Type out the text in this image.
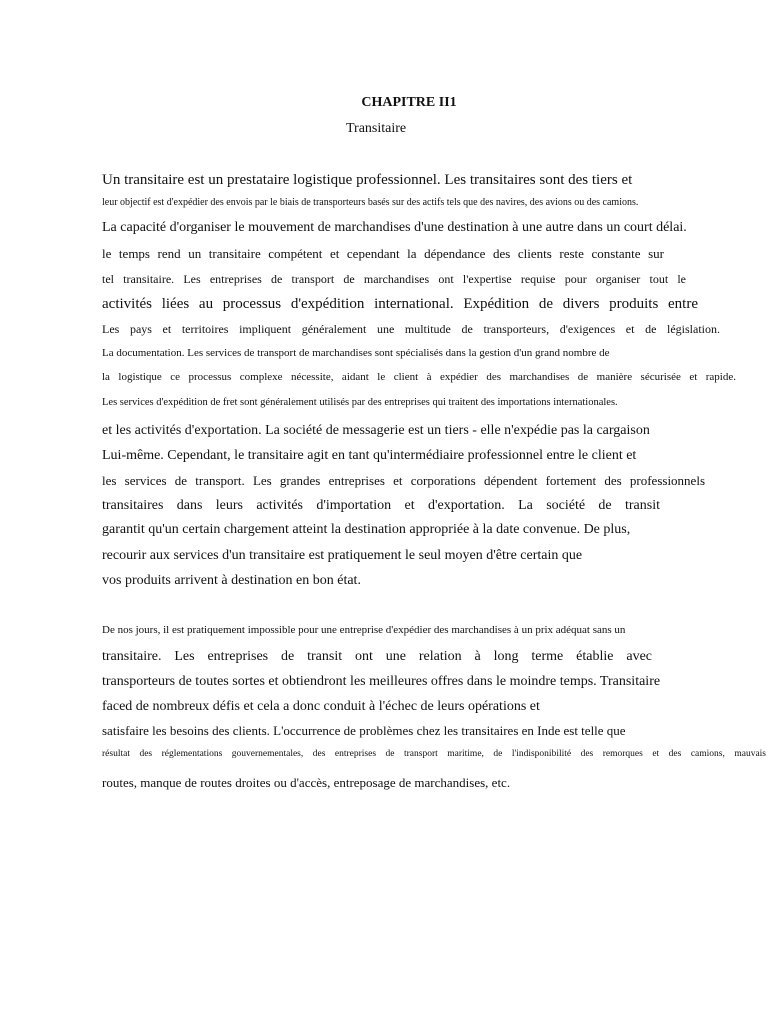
CHAPITRE II1
Transitaire
Un transitaire est un prestataire logistique professionnel. Les transitaires sont des tiers et
leur objectif est d'expédier des envois par le biais de transporteurs basés sur des actifs tels que des navires, des avions ou des camions.
La capacité d'organiser le mouvement de marchandises d'une destination à une autre dans un court délai.
le temps rend un transitaire compétent et cependant la dépendance des clients reste constante sur
tel transitaire. Les entreprises de transport de marchandises ont l'expertise requise pour organiser tout le
activités liées au processus d'expédition international. Expédition de divers produits entre
Les pays et territoires impliquent généralement une multitude de transporteurs, d'exigences et de législation.
La documentation. Les services de transport de marchandises sont spécialisés dans la gestion d'un grand nombre de
la logistique ce processus complexe nécessite, aidant le client à expédier des marchandises de manière sécurisée et rapide.
Les services d'expédition de fret sont généralement utilisés par des entreprises qui traitent des importations internationales.
et les activités d'exportation. La société de messagerie est un tiers - elle n'expédie pas la cargaison
Lui-même. Cependant, le transitaire agit en tant qu'intermédiaire professionnel entre le client et
les services de transport. Les grandes entreprises et corporations dépendent fortement des professionnels
transitaires dans leurs activités d'importation et d'exportation. La société de transit
garantit qu'un certain chargement atteint la destination appropriée à la date convenue. De plus,
recourir aux services d'un transitaire est pratiquement le seul moyen d'être certain que
vos produits arrivent à destination en bon état.
De nos jours, il est pratiquement impossible pour une entreprise d'expédier des marchandises à un prix adéquat sans un
transitaire. Les entreprises de transit ont une relation à long terme établie avec
transporteurs de toutes sortes et obtiendront les meilleures offres dans le moindre temps. Transitaire
faced de nombreux défis et cela a donc conduit à l'échec de leurs opérations et
satisfaire les besoins des clients. L'occurrence de problèmes chez les transitaires en Inde est telle que
résultat des réglementations gouvernementales, des entreprises de transport maritime, de l'indisponibilité des remorques et des camions, mauvais
routes, manque de routes droites ou d'accès, entreposage de marchandises, etc.
